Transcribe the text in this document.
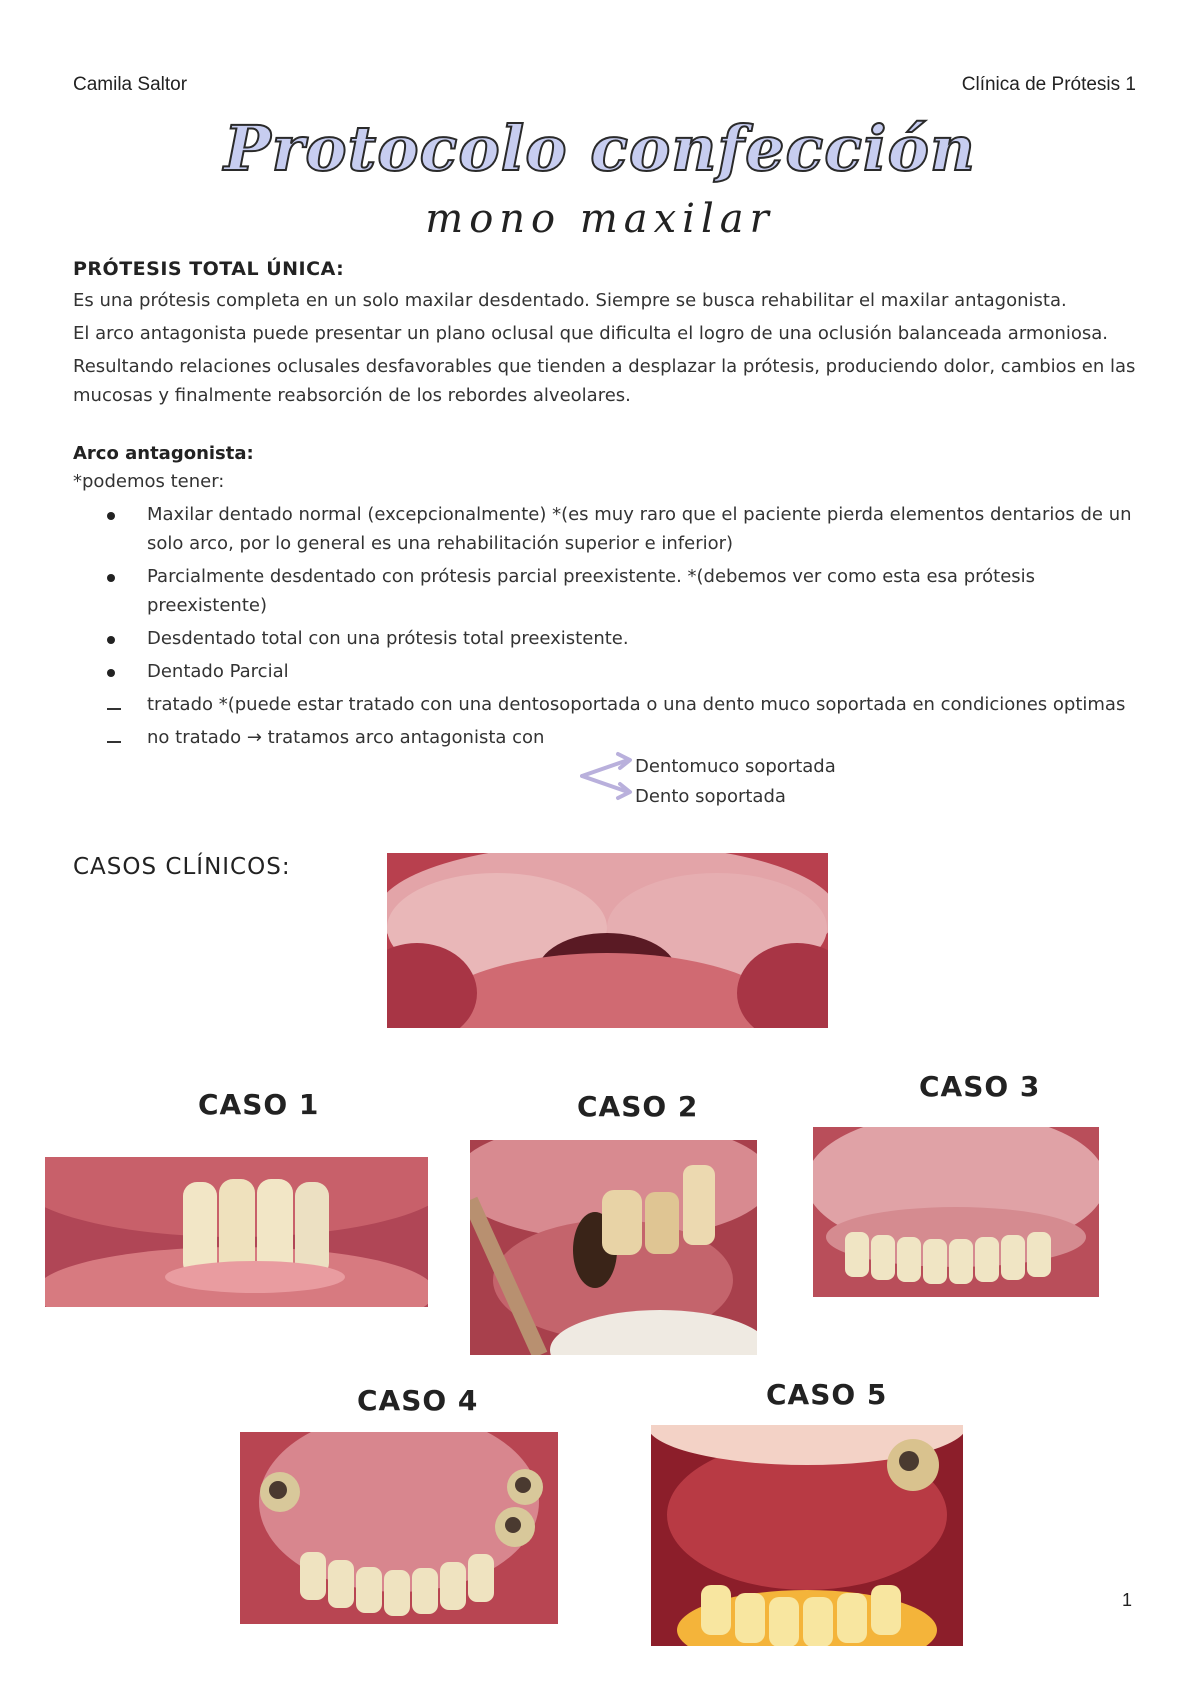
Camila Saltor	Clínica de Prótesis 1
Protocolo confección
mono maxilar
PRÓTESIS TOTAL ÚNICA:

Es una prótesis completa en un solo maxilar desdentado. Siempre se busca rehabilitar el maxilar antagonista.

El arco antagonista puede presentar un plano oclusal que dificulta el logro de una oclusión balanceada armoniosa.

Resultando relaciones oclusales desfavorables que tienden a desplazar la prótesis, produciendo dolor, cambios en las mucosas y finalmente reabsorción de los rebordes alveolares.

Arco antagonista:
*podemos tener:
Maxilar dentado normal (excepcionalmente) *(es muy raro que el paciente pierda elementos dentarios de un solo arco, por lo general es una rehabilitación superior e inferior)
Parcialmente desdentado con prótesis parcial preexistente. *(debemos ver como esta esa prótesis preexistente)
Desdentado total con una prótesis total preexistente.
Dentado Parcial
tratado *(puede estar tratado con una dentosoportada o una dento muco soportada en condiciones optimas
no tratado → tratamos arco antagonista con
Dentomuco soportada
Dento soportada
CASOS CLÍNICOS:
CASO 1	CASO 2
CASO 3
CASO 4	CASO 5
1
